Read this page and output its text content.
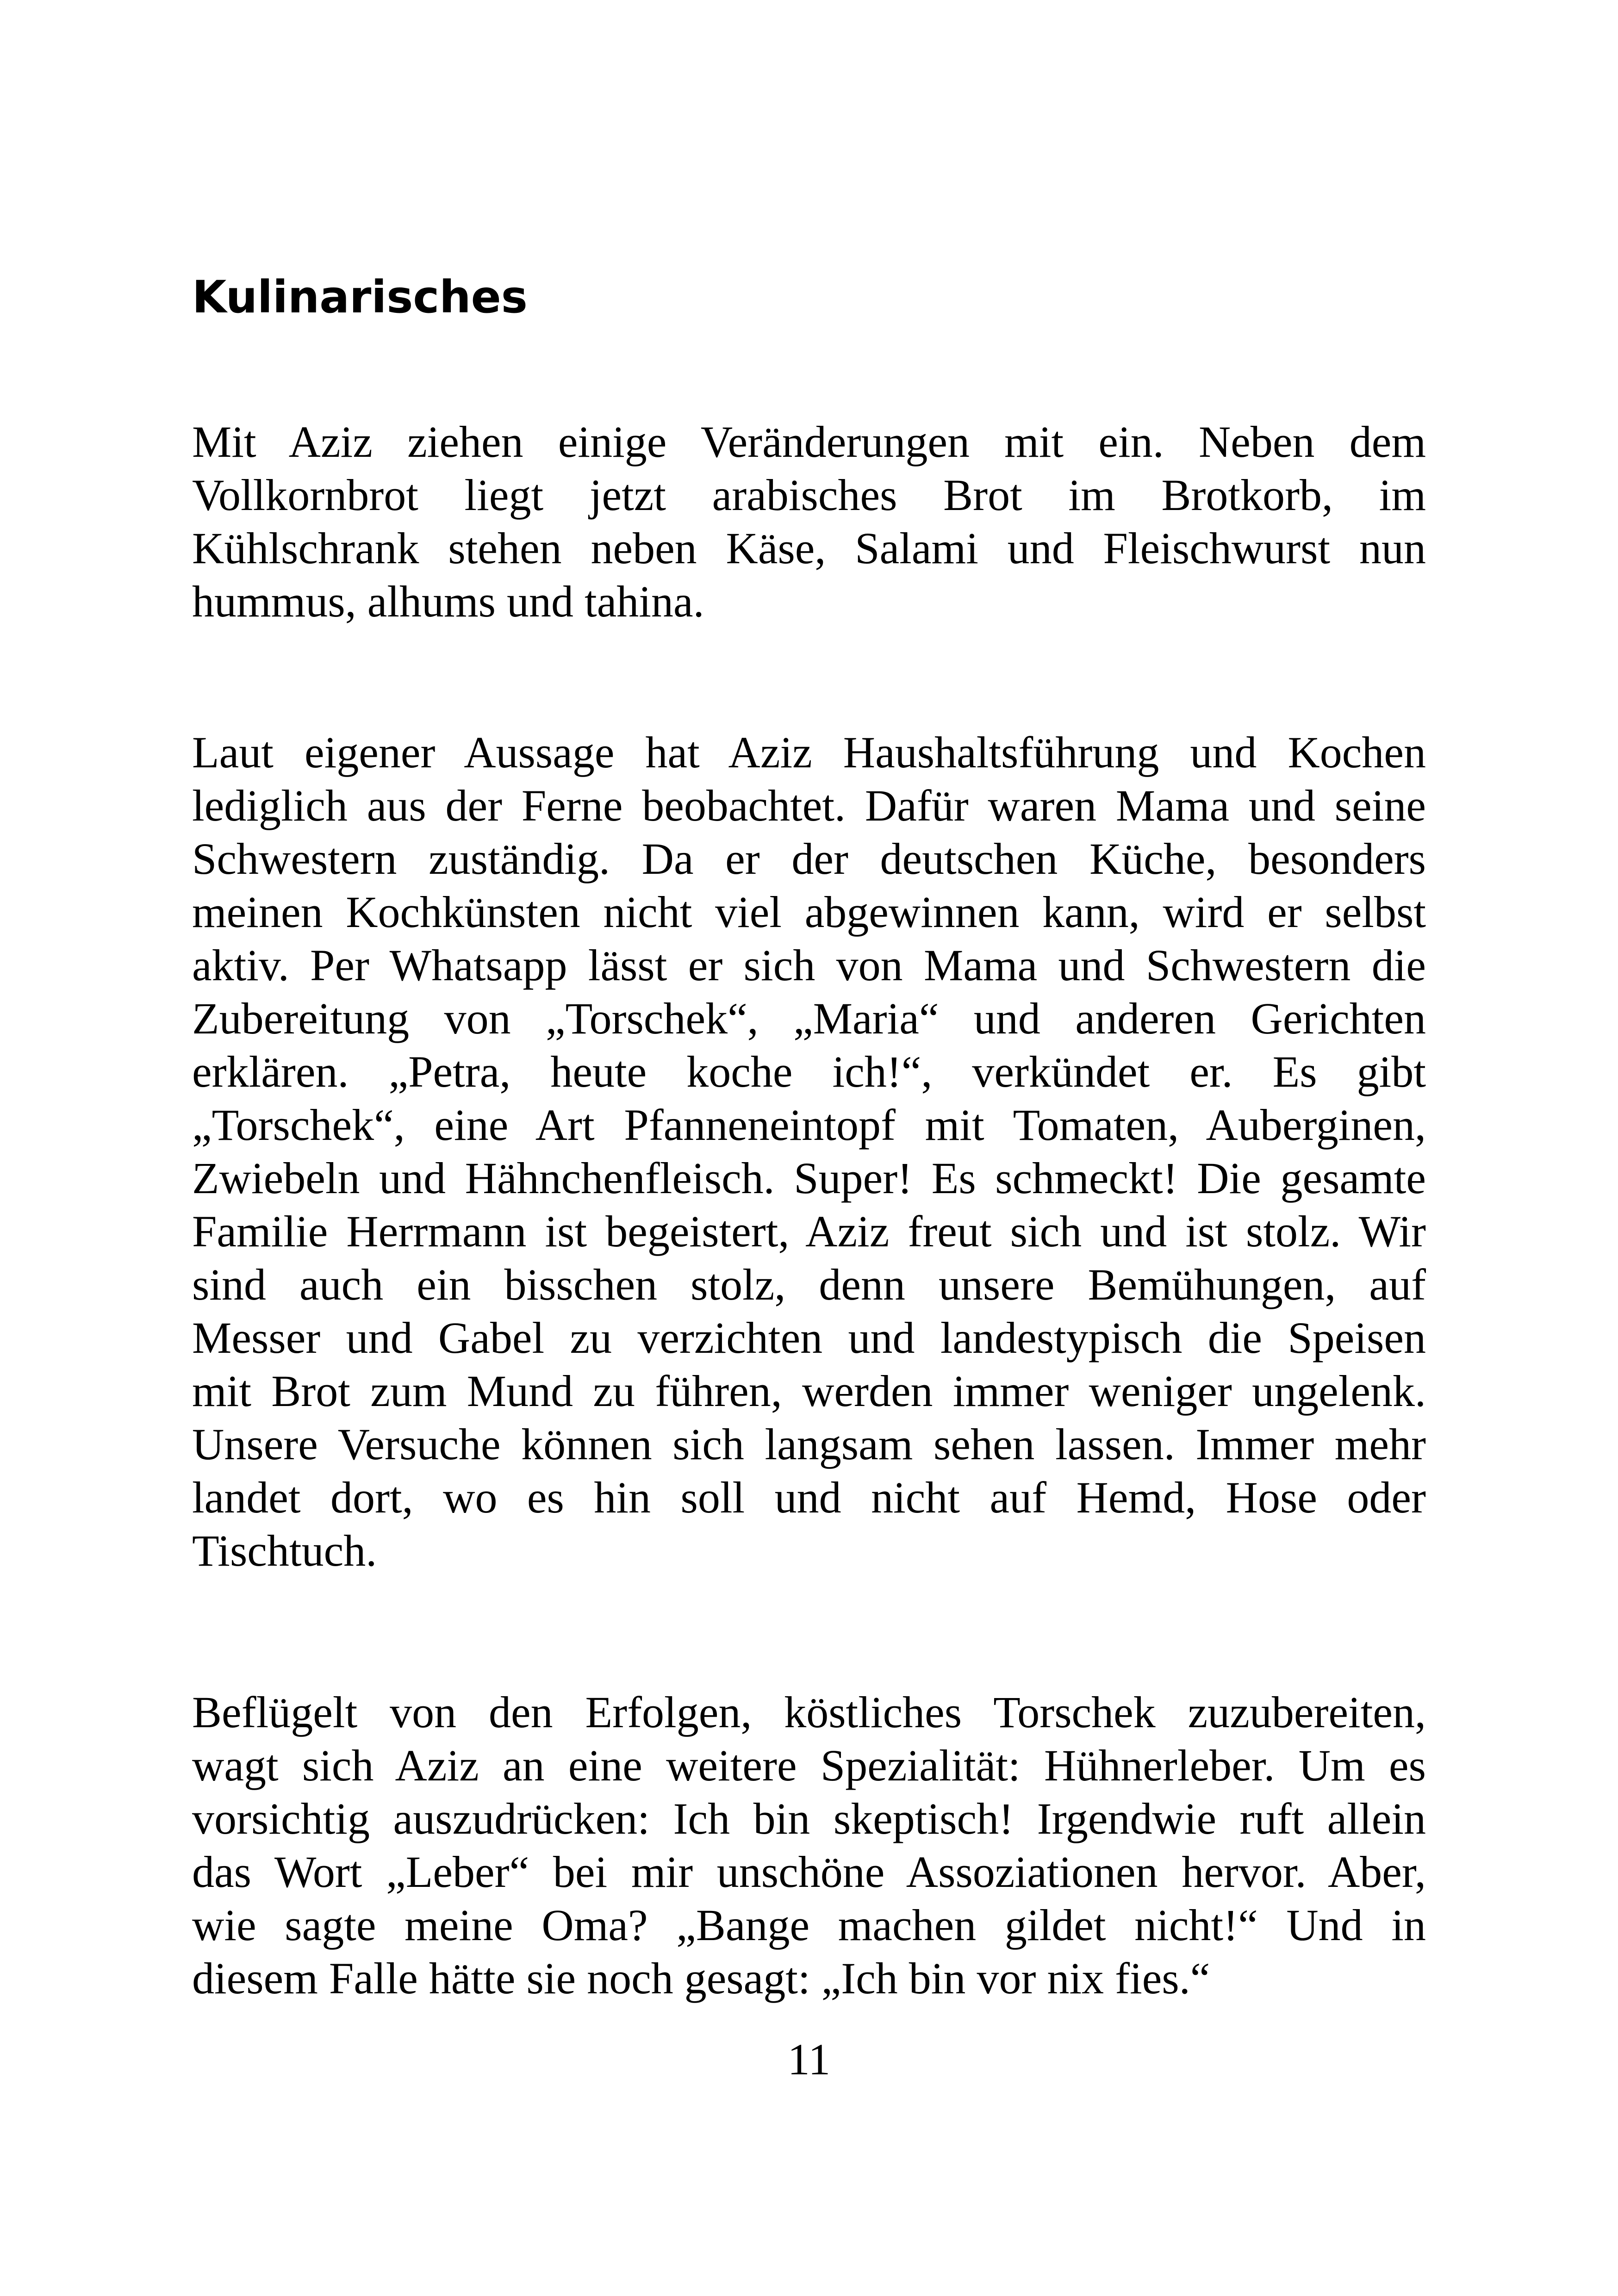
Kulinarisches

Mit Aziz ziehen einige Veränderungen mit ein. Neben dem
Vollkornbrot liegt jetzt arabisches Brot im Brotkorb, im
Kühlschrank stehen neben Käse, Salami und Fleischwurst nun
hummus, alhums und tahina.

Laut eigener Aussage hat Aziz Haushaltsführung und Kochen
lediglich aus der Ferne beobachtet. Dafür waren Mama und seine
Schwestern zuständig. Da er der deutschen Küche, besonders
meinen Kochkünsten nicht viel abgewinnen kann, wird er selbst
aktiv. Per Whatsapp lässt er sich von Mama und Schwestern die
Zubereitung von „Torschek“, „Maria“ und anderen Gerichten
erklären. „Petra, heute koche ich!“, verkündet er. Es gibt
„Torschek“, eine Art Pfanneneintopf mit Tomaten, Auberginen,
Zwiebeln und Hähnchenfleisch. Super! Es schmeckt! Die gesamte
Familie Herrmann ist begeistert, Aziz freut sich und ist stolz. Wir
sind auch ein bisschen stolz, denn unsere Bemühungen, auf
Messer und Gabel zu verzichten und landestypisch die Speisen
mit Brot zum Mund zu führen, werden immer weniger ungelenk.
Unsere Versuche können sich langsam sehen lassen. Immer mehr
landet dort, wo es hin soll und nicht auf Hemd, Hose oder
Tischtuch.

Beflügelt von den Erfolgen, köstliches Torschek zuzubereiten,
wagt sich Aziz an eine weitere Spezialität: Hühnerleber. Um es
vorsichtig auszudrücken: Ich bin skeptisch! Irgendwie ruft allein
das Wort „Leber“ bei mir unschöne Assoziationen hervor. Aber,
wie sagte meine Oma? „Bange machen gildet nicht!“ Und in
diesem Falle hätte sie noch gesagt: „Ich bin vor nix fies.“

11
